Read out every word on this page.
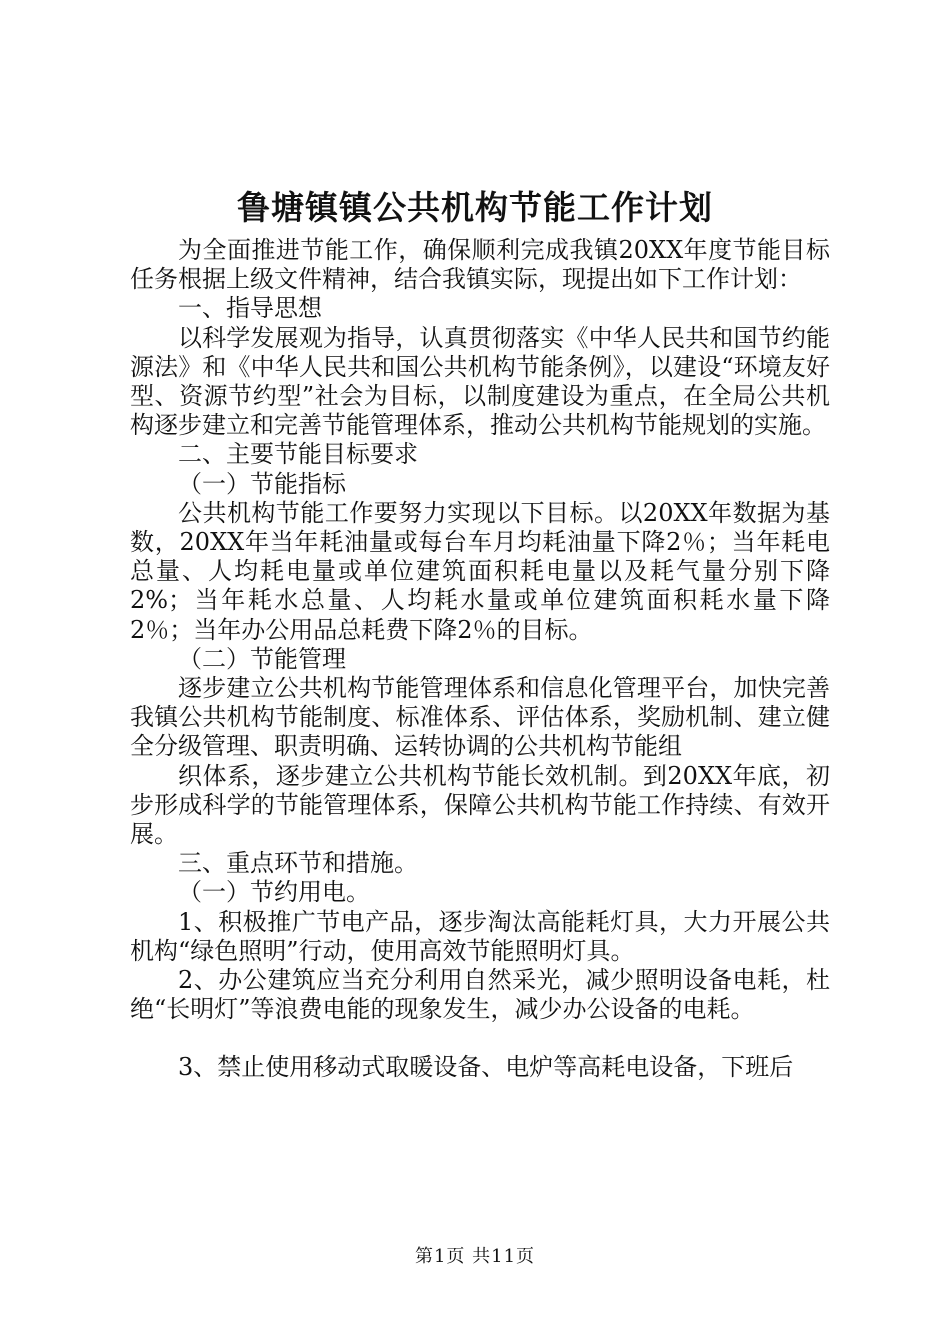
鲁塘镇镇公共机构节能工作计划

为全面推进节能工作，确保顺利完成我镇20XX年度节能目标任务根据上级文件精神，结合我镇实际，现提出如下工作计划：

一、指导思想

以科学发展观为指导，认真贯彻落实《中华人民共和国节约能源法》和《中华人民共和国公共机构节能条例》，以建设“环境友好型、资源节约型”社会为目标，以制度建设为重点，在全局公共机构逐步建立和完善节能管理体系，推动公共机构节能规划的实施。

二、主要节能目标要求

（一）节能指标

公共机构节能工作要努力实现以下目标。以20XX年数据为基数，20XX年当年耗油量或每台车月均耗油量下降2％；当年耗电总量、人均耗电量或单位建筑面积耗电量以及耗气量分别下降2%；当年耗水总量、人均耗水量或单位建筑面积耗水量下降2％；当年办公用品总耗费下降2％的目标。

（二）节能管理

逐步建立公共机构节能管理体系和信息化管理平台，加快完善我镇公共机构节能制度、标准体系、评估体系，奖励机制、建立健全分级管理、职责明确、运转协调的公共机构节能组

织体系，逐步建立公共机构节能长效机制。到20XX年底，初步形成科学的节能管理体系，保障公共机构节能工作持续、有效开展。

三、重点环节和措施。

（一）节约用电。

1、积极推广节电产品，逐步淘汰高能耗灯具，大力开展公共机构“绿色照明”行动，使用高效节能照明灯具。

2、办公建筑应当充分利用自然采光，减少照明设备电耗，杜绝“长明灯”等浪费电能的现象发生，减少办公设备的电耗。

3、禁止使用移动式取暖设备、电炉等高耗电设备，下班后

第1页 共11页
